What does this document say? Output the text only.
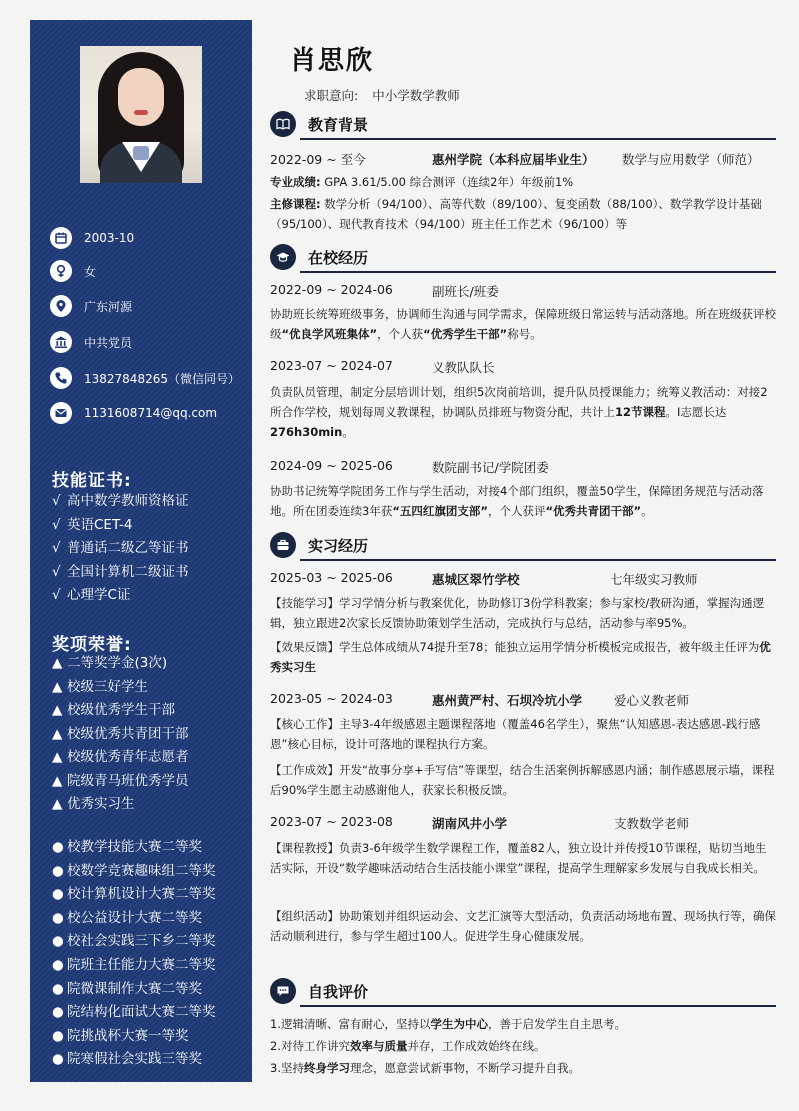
2003-10
女
广东河源
中共党员
13827848265（微信同号）
1131608714@qq.com
技能证书:
√ 高中数学教师资格证
√ 英语CET-4
√ 普通话二级乙等证书
√ 全国计算机二级证书
√ 心理学C证
奖项荣誉:
▲ 二等奖学金(3次)
▲ 校级三好学生
▲ 校级优秀学生干部
▲ 校级优秀共青团干部
▲ 校级优秀青年志愿者
▲ 院级青马班优秀学员
▲ 优秀实习生
● 校教学技能大赛二等奖
● 校数学竞赛趣味组二等奖
● 校计算机设计大赛二等奖
● 校公益设计大赛二等奖
● 校社会实践三下乡二等奖
● 院班主任能力大赛二等奖
● 院微课制作大赛二等奖
● 院结构化面试大赛二等奖
● 院挑战杯大赛一等奖
● 院寒假社会实践三等奖
肖思欣
求职意向: 中小学数学教师
教育背景
2022-09 ~ 至今	惠州学院（本科应届毕业生） 数学与应用数学（师范）
专业成绩: GPA 3.61/5.00 综合测评（连续2年）年级前1%
主修课程: 数学分析（94/100）、高等代数（89/100）、复变函数（88/100）、数学教学设计基础（95/100）、现代教育技术（94/100）班主任工作艺术（96/100）等
在校经历
2022-09 ~ 2024-06	副班长/班委
协助班长统筹班级事务，协调师生沟通与同学需求，保障班级日常运转与活动落地。所在班级获评校级“优良学风班集体”，个人获“优秀学生干部”称号。
2023-07 ~ 2024-07	义教队队长
负责队员管理，制定分层培训计划，组织5次岗前培训，提升队员授课能力；统筹义教活动：对接2所合作学校，规划每周义教课程，协调队员排班与物资分配，共计上12节课程。I志愿长达276h30min。
2024-09 ~ 2025-06	数院副书记/学院团委
协助书记统筹学院团务工作与学生活动，对接4个部门组织，覆盖50学生，保障团务规范与活动落地。所在团委连续3年获“五四红旗团支部”，个人获评“优秀共青团干部”。
实习经历
2025-03 ~ 2025-06	惠城区翠竹学校	七年级实习教师
【技能学习】学习学情分析与教案优化，协助修订3份学科教案；参与家校/教研沟通，掌握沟通逻辑，独立跟进2次家长反馈协助策划学生活动，完成执行与总结，活动参与率95%。
【效果反馈】学生总体成绩从74提升至78；能独立运用学情分析模板完成报告，被年级主任评为优秀实习生
2023-05 ~ 2024-03	惠州黄严村、石坝冷坑小学	爱心义教老师
【核心工作】主导3-4年级感恩主题课程落地（覆盖46名学生），聚焦“认知感恩-表达感恩-践行感恩”核心目标，设计可落地的课程执行方案。
【工作成效】开发“故事分享+手写信”等课型，结合生活案例拆解感恩内涵；制作感恩展示墙，课程后90%学生愿主动感谢他人，获家长积极反馈。
2023-07 ~ 2023-08	湖南风井小学	支教数学老师
【课程教授】负责3-6年级学生数学课程工作，覆盖82人，独立设计并传授10节课程，贴切当地生活实际，开设“数学趣味活动结合生活技能小课堂”课程，提高学生理解家乡发展与自我成长相关。
【组织活动】协助策划并组织运动会、文艺汇演等大型活动，负责活动场地布置、现场执行等，确保活动顺利进行，参与学生超过100人。促进学生身心健康发展。
自我评价
1.逻辑清晰、富有耐心，坚持以学生为中心，善于启发学生自主思考。
2.对待工作讲究效率与质量并存，工作成效始终在线。
3.坚持终身学习理念，愿意尝试新事物，不断学习提升自我。
